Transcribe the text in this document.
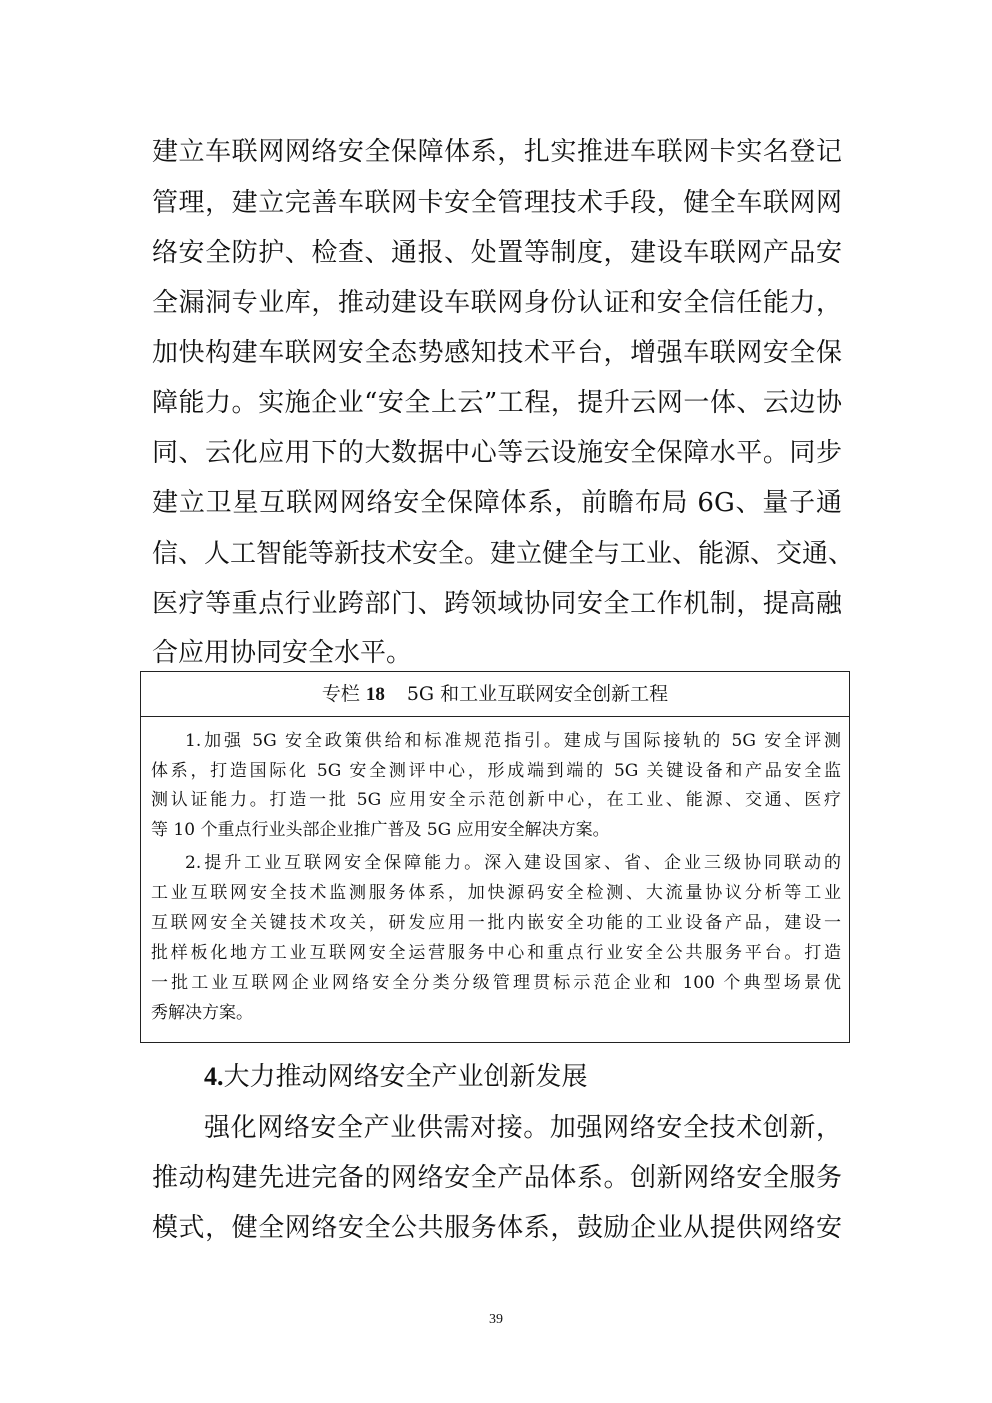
建立车联网网络安全保障体系，扎实推进车联网卡实名登记
管理，建立完善车联网卡安全管理技术手段，健全车联网网
络安全防护、检查、通报、处置等制度，建设车联网产品安
全漏洞专业库，推动建设车联网身份认证和安全信任能力，
加快构建车联网安全态势感知技术平台，增强车联网安全保
障能力。实施企业“安全上云”工程，提升云网一体、云边协
同、云化应用下的大数据中心等云设施安全保障水平。同步
建立卫星互联网网络安全保障体系，前瞻布局 6G、量子通
信、人工智能等新技术安全。建立健全与工业、能源、交通、
医疗等重点行业跨部门、跨领域协同安全工作机制，提高融
合应用协同安全水平。
专栏 18 5G 和工业互联网安全创新工程
1.加强 5G 安全政策供给和标准规范指引。建成与国际接轨的 5G 安全评测
体系，打造国际化 5G 安全测评中心，形成端到端的 5G 关键设备和产品安全监
测认证能力。打造一批 5G 应用安全示范创新中心，在工业、能源、交通、医疗
等 10 个重点行业头部企业推广普及 5G 应用安全解决方案。
2.提升工业互联网安全保障能力。深入建设国家、省、企业三级协同联动的
工业互联网安全技术监测服务体系，加快源码安全检测、大流量协议分析等工业
互联网安全关键技术攻关，研发应用一批内嵌安全功能的工业设备产品，建设一
批样板化地方工业互联网安全运营服务中心和重点行业安全公共服务平台。打造
一批工业互联网企业网络安全分类分级管理贯标示范企业和 100 个典型场景优
秀解决方案。
4.大力推动网络安全产业创新发展
强化网络安全产业供需对接。加强网络安全技术创新，
推动构建先进完备的网络安全产品体系。创新网络安全服务
模式，健全网络安全公共服务体系，鼓励企业从提供网络安
39
